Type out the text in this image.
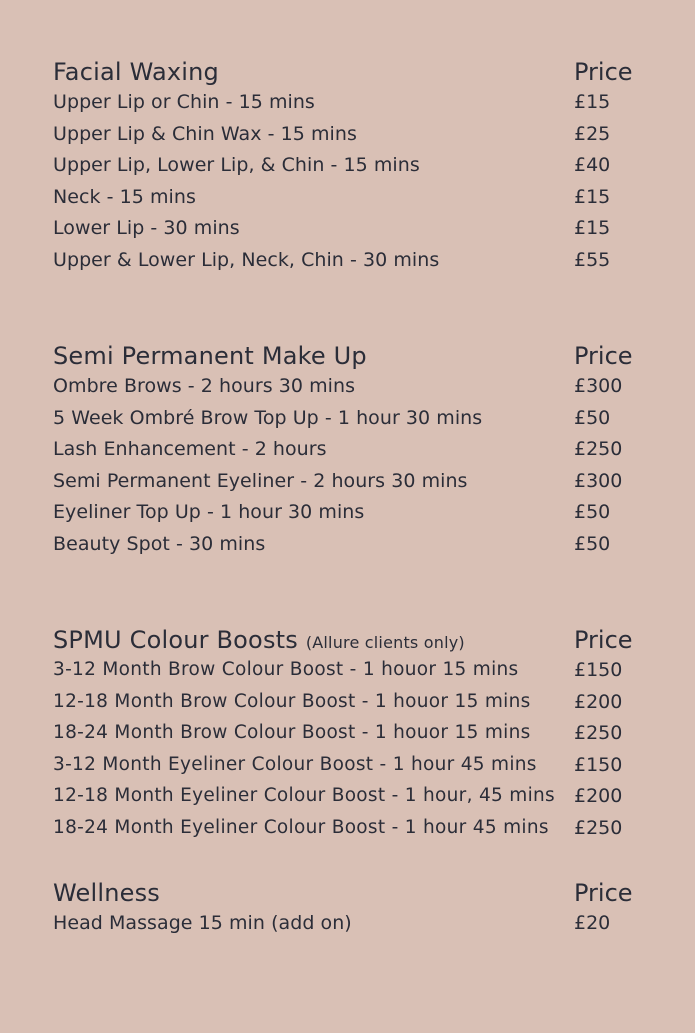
Facial Waxing	Price
Upper Lip or Chin - 15 mins	£15
Upper Lip & Chin Wax - 15 mins	£25
Upper Lip, Lower Lip, & Chin - 15 mins	£40
Neck - 15 mins	£15
Lower Lip - 30 mins	£15
Upper & Lower Lip, Neck, Chin - 30 mins	£55
Semi Permanent Make Up	Price
Ombre Brows - 2 hours 30 mins	£300
5 Week Ombré Brow Top Up - 1 hour 30 mins	£50
Lash Enhancement - 2 hours	£250
Semi Permanent Eyeliner - 2 hours 30 mins	£300
Eyeliner Top Up - 1 hour 30 mins	£50
Beauty Spot - 30 mins	£50
SPMU Colour Boosts (Allure clients only)	Price
3-12 Month Brow Colour Boost - 1 houor 15 mins	£150
12-18 Month Brow Colour Boost - 1 houor 15 mins £200
18-24 Month Brow Colour Boost - 1 houor 15 mins £250
3-12 Month Eyeliner Colour Boost - 1 hour 45 mins £150
12-18 Month Eyeliner Colour Boost - 1 hour, 45 mins £200
18-24 Month Eyeliner Colour Boost - 1 hour 45 mins £250
Wellness	Price
Head Massage 15 min (add on)	£20
